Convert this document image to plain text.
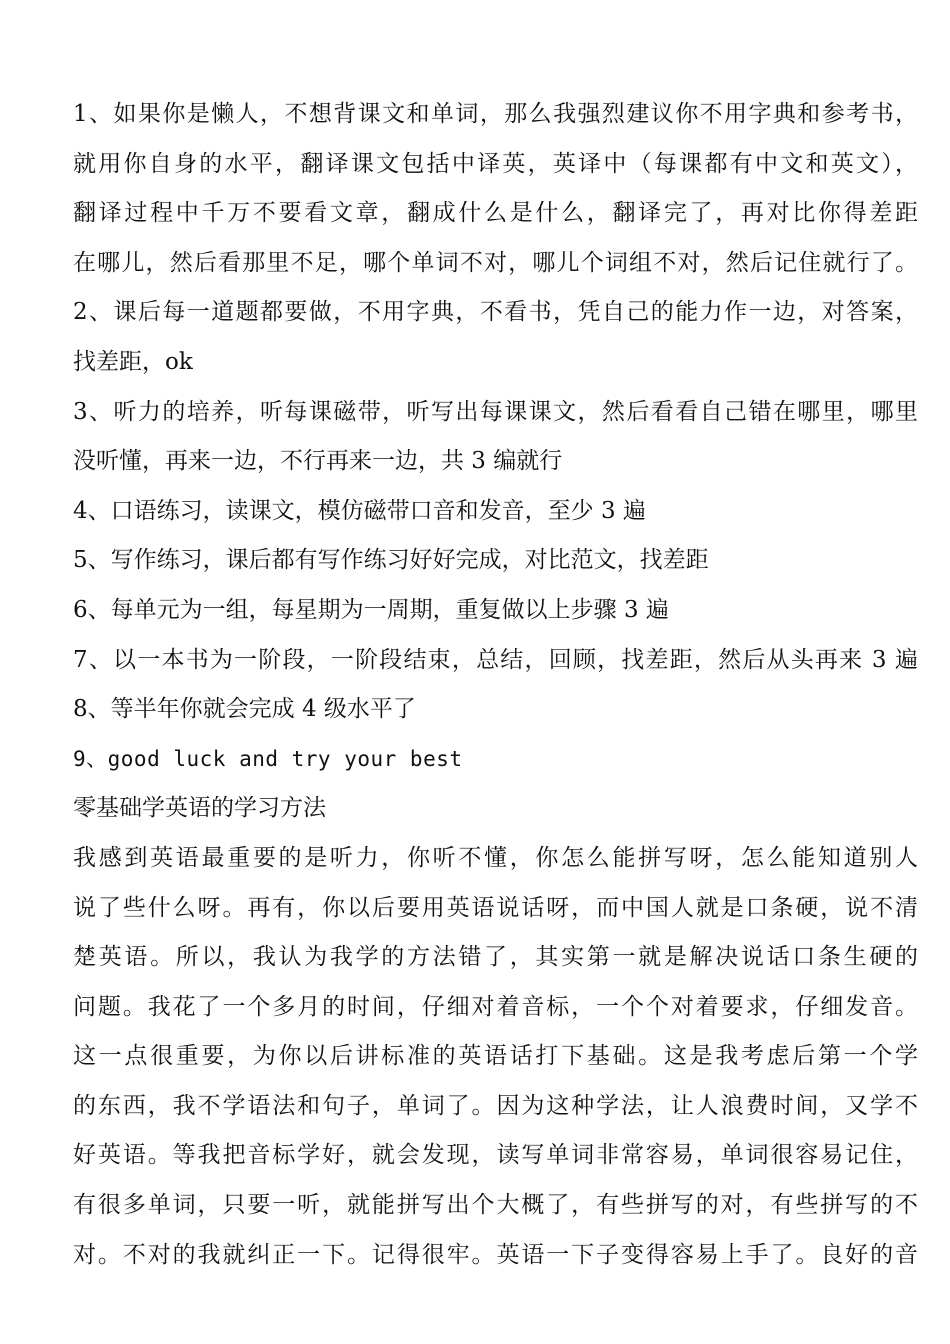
1、如果你是懒人，不想背课文和单词，那么我强烈建议你不用字典和参考书，
就用你自身的水平，翻译课文包括中译英，英译中（每课都有中文和英文），
翻译过程中千万不要看文章，翻成什么是什么，翻译完了，再对比你得差距
在哪儿，然后看那里不足，哪个单词不对，哪儿个词组不对，然后记住就行了。
2、课后每一道题都要做，不用字典，不看书，凭自己的能力作一边，对答案，
找差距，ok
3、听力的培养，听每课磁带，听写出每课课文，然后看看自己错在哪里，哪里
没听懂，再来一边，不行再来一边，共 3 编就行
4、口语练习，读课文，模仿磁带口音和发音，至少 3 遍
5、写作练习，课后都有写作练习好好完成，对比范文，找差距
6、每单元为一组，每星期为一周期，重复做以上步骤 3 遍
7、以一本书为一阶段，一阶段结束，总结，回顾，找差距，然后从头再来 3 遍
8、等半年你就会完成 4 级水平了
9、good luck and try your best
零基础学英语的学习方法
我感到英语最重要的是听力，你听不懂，你怎么能拼写呀，怎么能知道别人
说了些什么呀。再有，你以后要用英语说话呀，而中国人就是口条硬，说不清
楚英语。所以，我认为我学的方法错了，其实第一就是解决说话口条生硬的
问题。我花了一个多月的时间，仔细对着音标，一个个对着要求，仔细发音。
这一点很重要，为你以后讲标准的英语话打下基础。这是我考虑后第一个学
的东西，我不学语法和句子，单词了。因为这种学法，让人浪费时间，又学不
好英语。等我把音标学好，就会发现，读写单词非常容易，单词很容易记住，
有很多单词，只要一听，就能拼写出个大概了，有些拼写的对，有些拼写的不
对。不对的我就纠正一下。记得很牢。英语一下子变得容易上手了。良好的音
